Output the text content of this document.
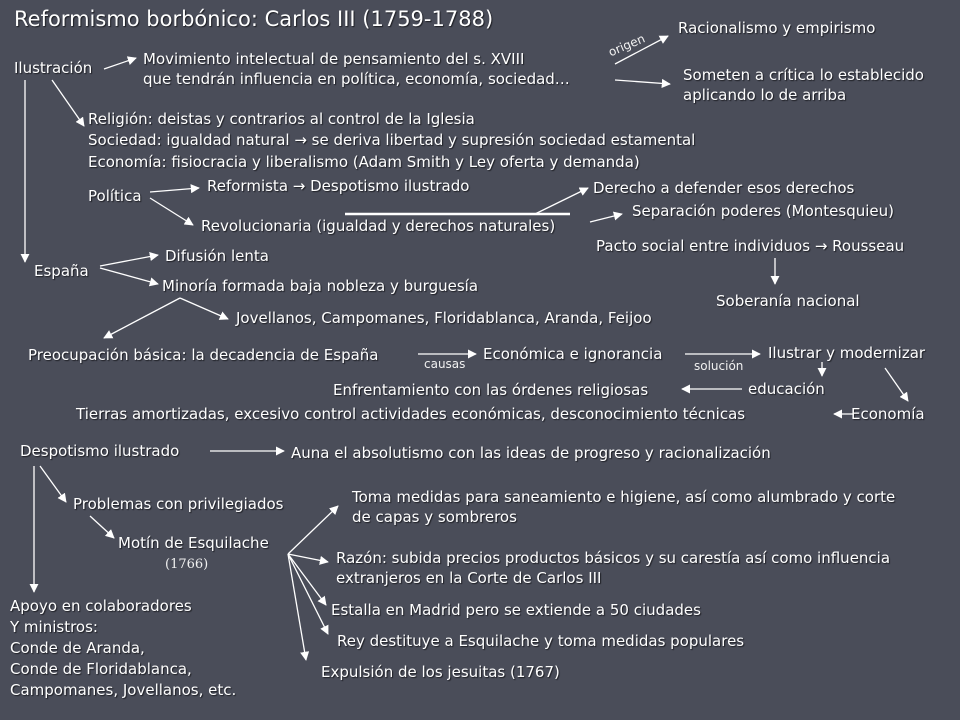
Reformismo borbónico: Carlos III (1759-1788)
Ilustración	Movimiento intelectual de pensamiento del s. XVIII
que tendrán influencia en política, economía, sociedad…
origen
Racionalismo y empirismo
Someten a crítica lo establecido
aplicando lo de arriba
Religión: deistas y contrarios al control de la Iglesia
Sociedad: igualdad natural → se deriva libertad y supresión sociedad estamental
Economía: fisiocracia y liberalismo (Adam Smith y Ley oferta y demanda)
Política
Reformista → Despotismo ilustrado
Revolucionaria (igualdad y derechos naturales)
Derecho a defender esos derechos
Separación poderes (Montesquieu)
Pacto social entre individuos → Rousseau
Soberanía nacional
España
Difusión lenta
Minoría formada baja nobleza y burguesía
Jovellanos, Campomanes, Floridablanca, Aranda, Feijoo
Preocupación básica: la decadencia de España	causas
Económica e ignorancia
solución
Ilustrar y modernizar
educación
Enfrentamiento con las órdenes religiosas
Economía
Tierras amortizadas, excesivo control actividades económicas, desconocimiento técnicas
Despotismo ilustrado	Auna el absolutismo con las ideas de progreso y racionalización
Problemas con privilegiados
Motín de Esquilache
(1766)
Toma medidas para saneamiento e higiene, así como alumbrado y corte
de capas y sombreros
Razón: subida precios productos básicos y su carestía así como influencia
extranjeros en la Corte de Carlos III
Estalla en Madrid pero se extiende a 50 ciudades
Rey destituye a Esquilache y toma medidas populares
Expulsión de los jesuitas (1767)
Apoyo en colaboradores
Y ministros:
Conde de Aranda,
Conde de Floridablanca,
Campomanes, Jovellanos, etc.
